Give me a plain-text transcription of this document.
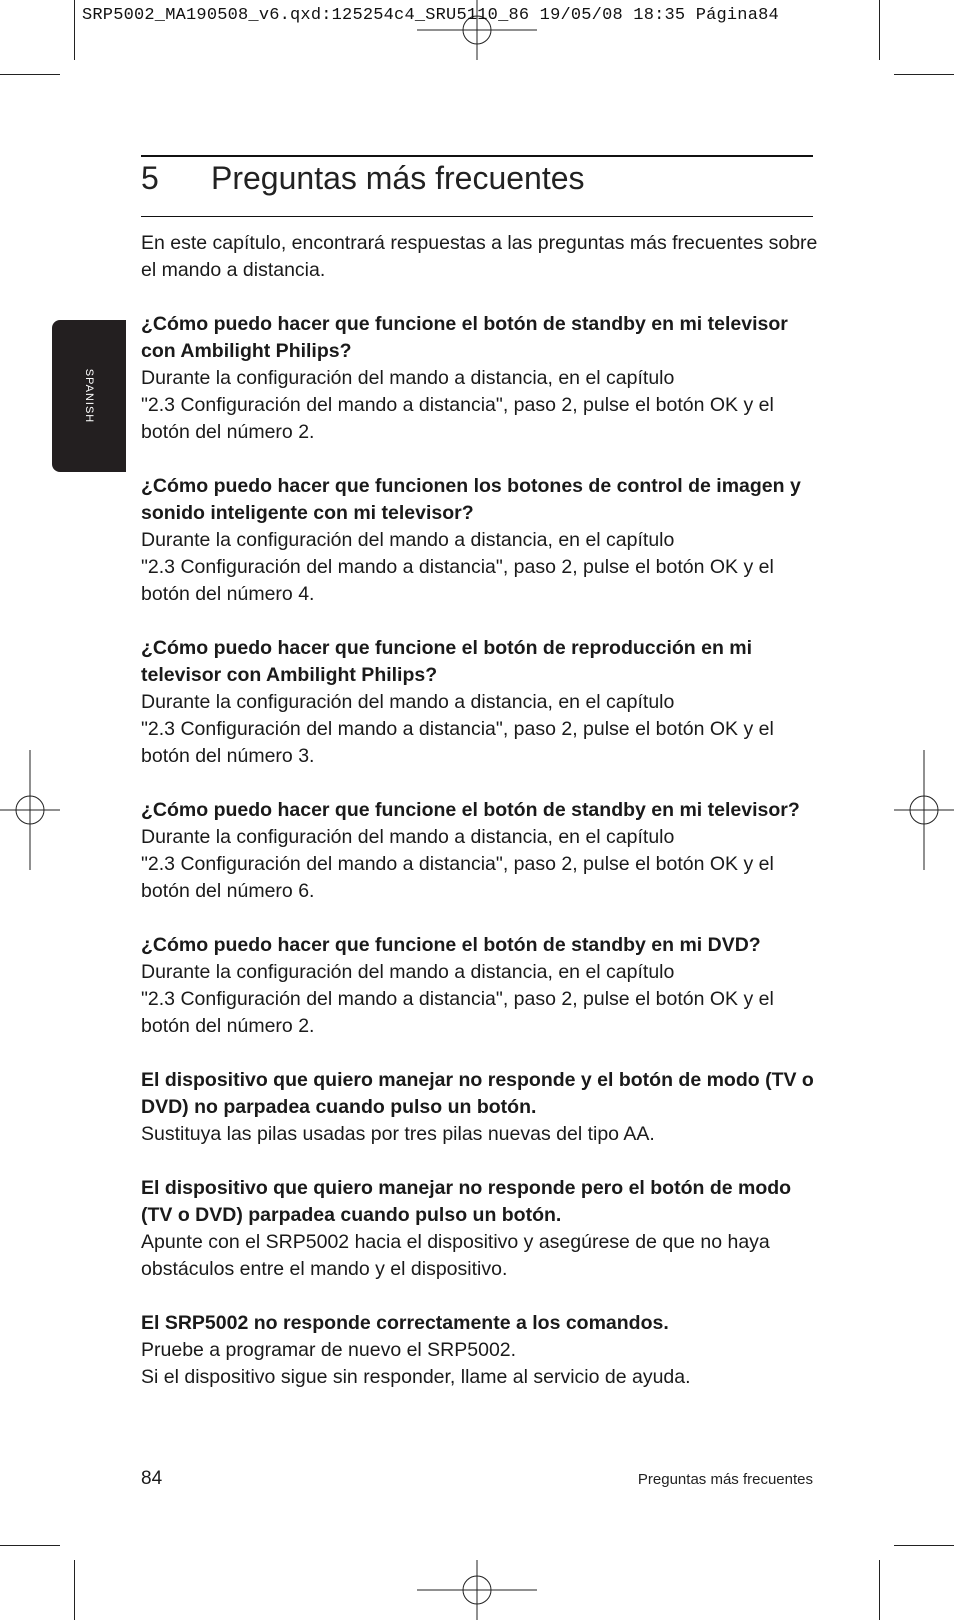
SRP5002_MA190508_v6.qxd:125254c4_SRU5110_86 19/05/08 18:35 Página84
5	Preguntas más frecuentes
SPANISH

En este capítulo, encontrará respuestas a las preguntas más frecuentes sobre el mando a distancia.

¿Cómo puedo hacer que funcione el botón de standby en mi televisor con Ambilight Philips?

Durante la configuración del mando a distancia, en el capítulo
"2.3 Configuración del mando a distancia", paso 2, pulse el botón OK y el botón del número 2.

¿Cómo puedo hacer que funcionen los botones de control de imagen y sonido inteligente con mi televisor?

Durante la configuración del mando a distancia, en el capítulo
"2.3 Configuración del mando a distancia", paso 2, pulse el botón OK y el botón del número 4.

¿Cómo puedo hacer que funcione el botón de reproducción en mi televisor con Ambilight Philips?

Durante la configuración del mando a distancia, en el capítulo
"2.3 Configuración del mando a distancia", paso 2, pulse el botón OK y el botón del número 3.

¿Cómo puedo hacer que funcione el botón de standby en mi televisor?

Durante la configuración del mando a distancia, en el capítulo
"2.3 Configuración del mando a distancia", paso 2, pulse el botón OK y el botón del número 6.

¿Cómo puedo hacer que funcione el botón de standby en mi DVD?

Durante la configuración del mando a distancia, en el capítulo
"2.3 Configuración del mando a distancia", paso 2, pulse el botón OK y el botón del número 2.

El dispositivo que quiero manejar no responde y el botón de modo (TV o DVD) no parpadea cuando pulso un botón.

Sustituya las pilas usadas por tres pilas nuevas del tipo AA.

El dispositivo que quiero manejar no responde pero el botón de modo (TV o DVD) parpadea cuando pulso un botón.

Apunte con el SRP5002 hacia el dispositivo y asegúrese de que no haya obstáculos entre el mando y el dispositivo.

El SRP5002 no responde correctamente a los comandos.

Pruebe a programar de nuevo el SRP5002.
Si el dispositivo sigue sin responder, llame al servicio de ayuda.

84	Preguntas más frecuentes
